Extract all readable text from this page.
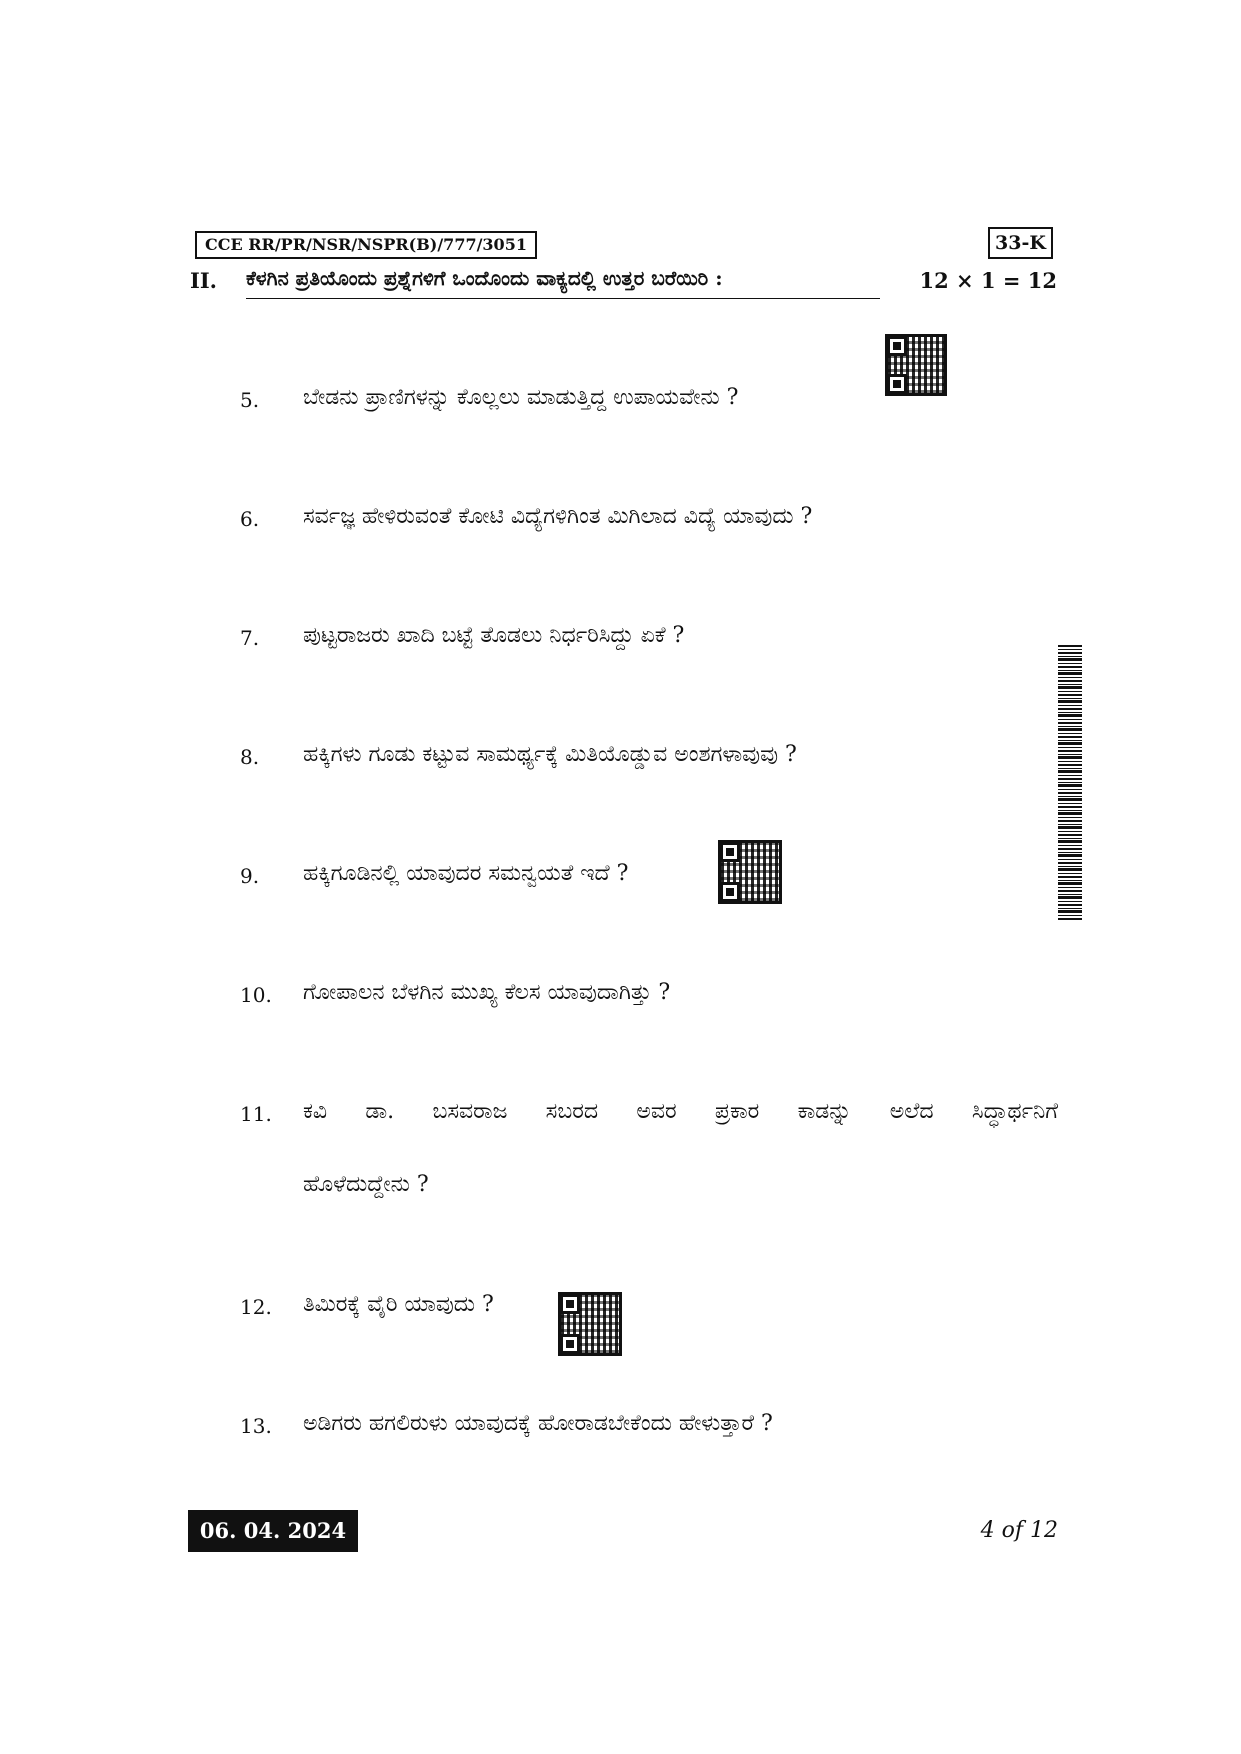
CCE RR/PR/NSR/NSPR(B)/777/3051	33-K
II. ಕೆಳಗಿನ ಪ್ರತಿಯೊಂದು ಪ್ರಶ್ನೆಗಳಿಗೆ ಒಂದೊಂದು ವಾಕ್ಯದಲ್ಲಿ ಉತ್ತರ ಬರೆಯಿರಿ :	12 × 1 = 12
5.	ಬೇಡನು ಪ್ರಾಣಿಗಳನ್ನು ಕೊಲ್ಲಲು ಮಾಡುತ್ತಿದ್ದ ಉಪಾಯವೇನು ?
6.	ಸರ್ವಜ್ಞ ಹೇಳಿರುವಂತೆ ಕೋಟಿ ವಿದ್ಯೆಗಳಿಗಿಂತ ಮಿಗಿಲಾದ ವಿದ್ಯೆ ಯಾವುದು ?
7.	ಪುಟ್ಟರಾಜರು ಖಾದಿ ಬಟ್ಟೆ ತೊಡಲು ನಿರ್ಧರಿಸಿದ್ದು ಏಕೆ ?
8.	ಹಕ್ಕಿಗಳು ಗೂಡು ಕಟ್ಟುವ ಸಾಮರ್ಥ್ಯಕ್ಕೆ ಮಿತಿಯೊಡ್ಡುವ ಅಂಶಗಳಾವುವು ?
9.	ಹಕ್ಕಿಗೂಡಿನಲ್ಲಿ ಯಾವುದರ ಸಮನ್ವಯತೆ ಇದೆ ?
10.	ಗೋಪಾಲನ ಬೆಳಗಿನ ಮುಖ್ಯ ಕೆಲಸ ಯಾವುದಾಗಿತ್ತು ?
11.	ಕವಿ ಡಾ. ಬಸವರಾಜ ಸಬರದ ಅವರ ಪ್ರಕಾರ ಕಾಡನ್ನು ಅಲೆದ ಸಿದ್ಧಾರ್ಥನಿಗೆ
ಹೊಳೆದುದ್ದೇನು ?
12.	ತಿಮಿರಕ್ಕೆ ವೈರಿ ಯಾವುದು ?
13.	ಅಡಿಗರು ಹಗಲಿರುಳು ಯಾವುದಕ್ಕೆ ಹೋರಾಡಬೇಕೆಂದು ಹೇಳುತ್ತಾರೆ ?
06. 04. 2024	4 of 12
